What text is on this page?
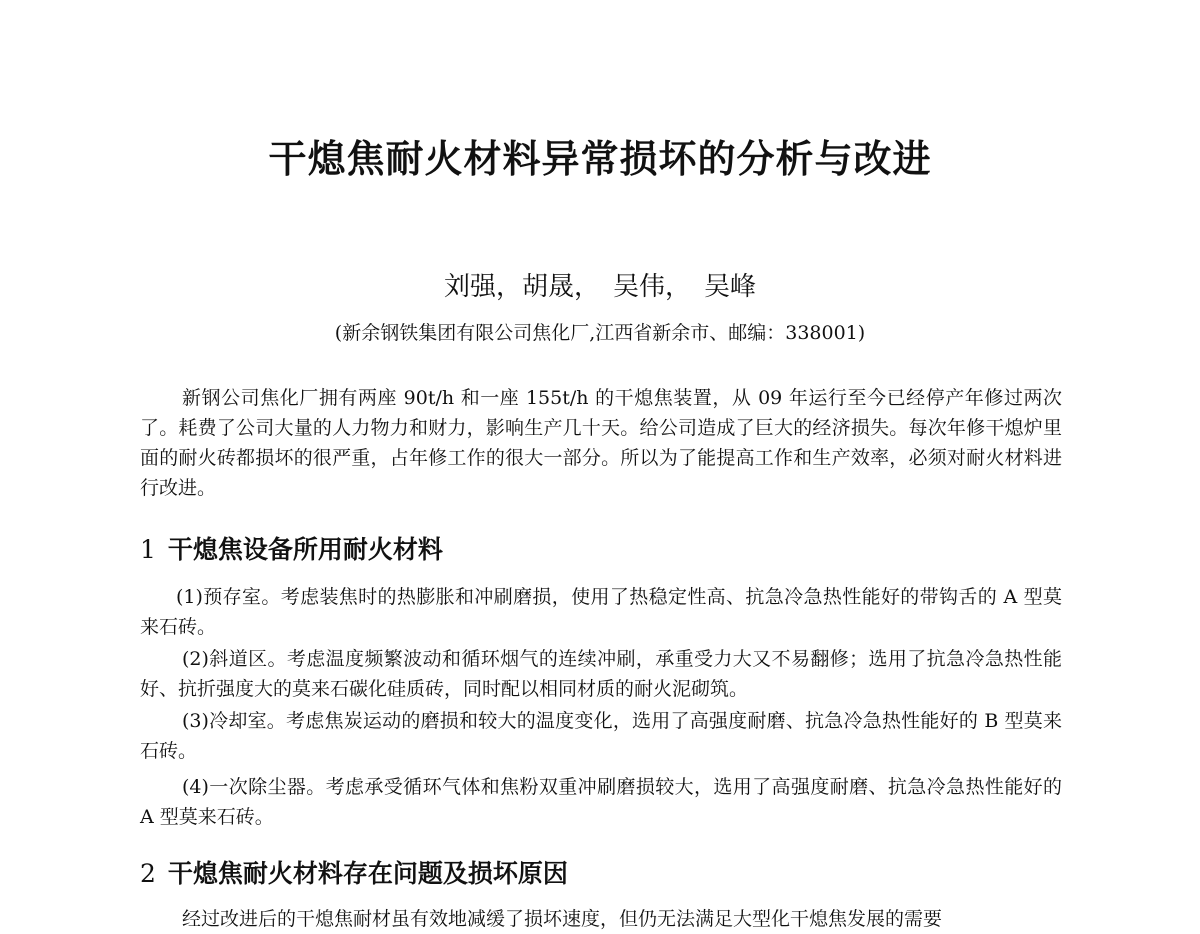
干熄焦耐火材料异常损坏的分析与改进

刘强，胡晟，　吴伟，　吴峰

(新余钢铁集团有限公司焦化厂,江西省新余市、邮编：338001)

新钢公司焦化厂拥有两座 90t/h 和一座 155t/h 的干熄焦装置，从 09 年运行至今已经停产年修过两次了。耗费了公司大量的人力物力和财力，影响生产几十天。给公司造成了巨大的经济损失。每次年修干熄炉里面的耐火砖都损坏的很严重，占年修工作的很大一部分。所以为了能提高工作和生产效率，必须对耐火材料进行改进。

1 干熄焦设备所用耐火材料

(1)预存室。考虑装焦时的热膨胀和冲刷磨损，使用了热稳定性高、抗急冷急热性能好的带钩舌的 A 型莫来石砖。

(2)斜道区。考虑温度频繁波动和循环烟气的连续冲刷，承重受力大又不易翻修；选用了抗急冷急热性能好、抗折强度大的莫来石碳化硅质砖，同时配以相同材质的耐火泥砌筑。

(3)冷却室。考虑焦炭运动的磨损和较大的温度变化，选用了高强度耐磨、抗急冷急热性能好的 B 型莫来石砖。

(4)一次除尘器。考虑承受循环气体和焦粉双重冲刷磨损较大，选用了高强度耐磨、抗急冷急热性能好的 A 型莫来石砖。

2 干熄焦耐火材料存在问题及损坏原因

经过改进后的干熄焦耐材虽有效地减缓了损坏速度，但仍无法满足大型化干熄焦发展的需要
